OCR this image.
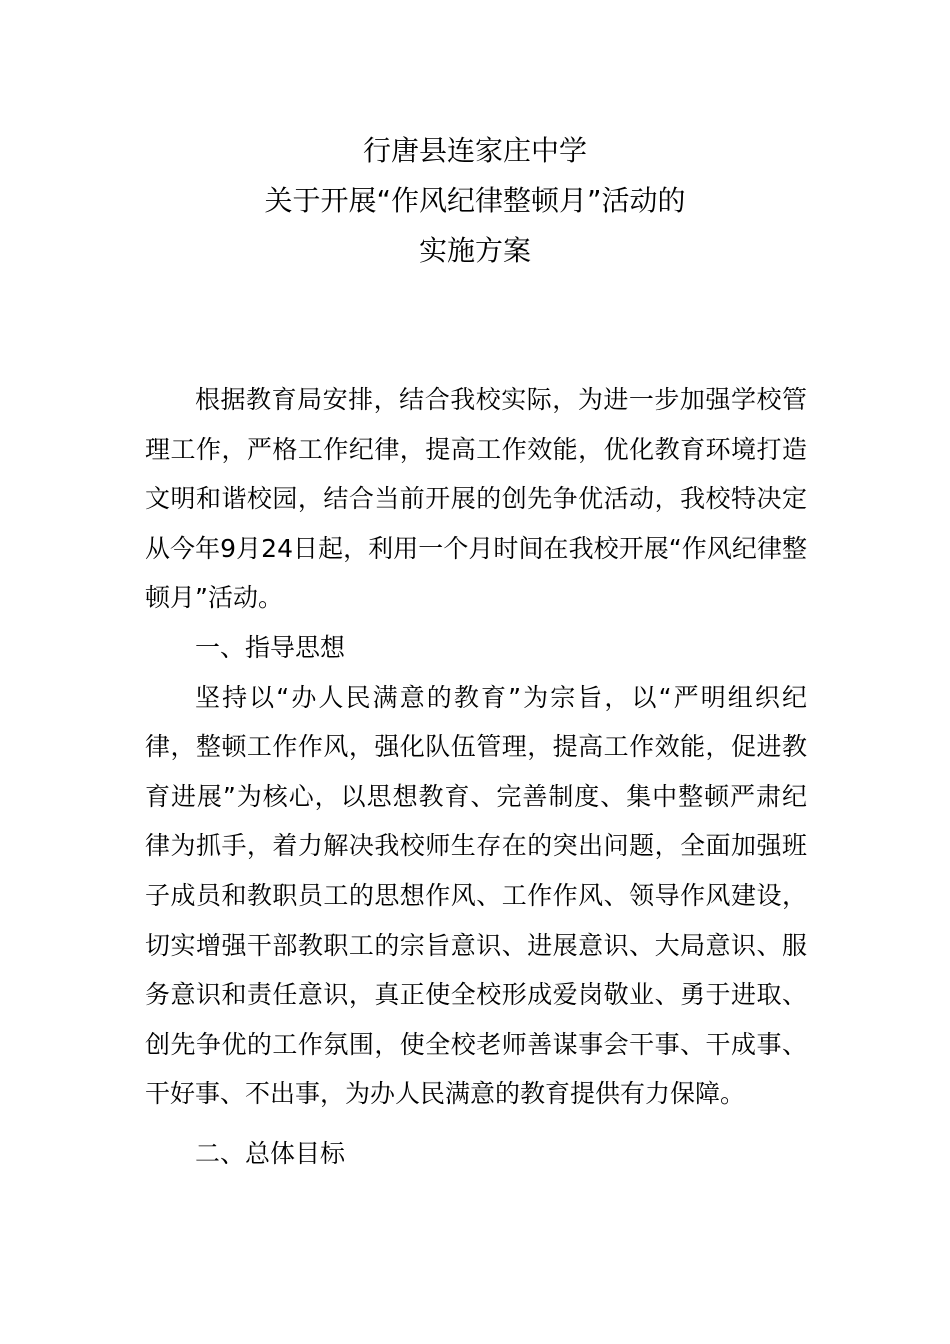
行唐县连家庄中学
关于开展“作风纪律整顿月”活动的
实施方案

根据教育局安排，结合我校实际，为进一步加强学校管理工作，严格工作纪律，提高工作效能，优化教育环境打造文明和谐校园，结合当前开展的创先争优活动，我校特决定从今年9月24日起，利用一个月时间在我校开展“作风纪律整顿月”活动。

一、指导思想

坚持以“办人民满意的教育”为宗旨，以“严明组织纪律，整顿工作作风，强化队伍管理，提高工作效能，促进教育进展”为核心，以思想教育、完善制度、集中整顿严肃纪律为抓手，着力解决我校师生存在的突出问题，全面加强班子成员和教职员工的思想作风、工作作风、领导作风建设，切实增强干部教职工的宗旨意识、进展意识、大局意识、服务意识和责任意识，真正使全校形成爱岗敬业、勇于进取、创先争优的工作氛围，使全校老师善谋事会干事、干成事、干好事、不出事，为办人民满意的教育提供有力保障。

二、总体目标
